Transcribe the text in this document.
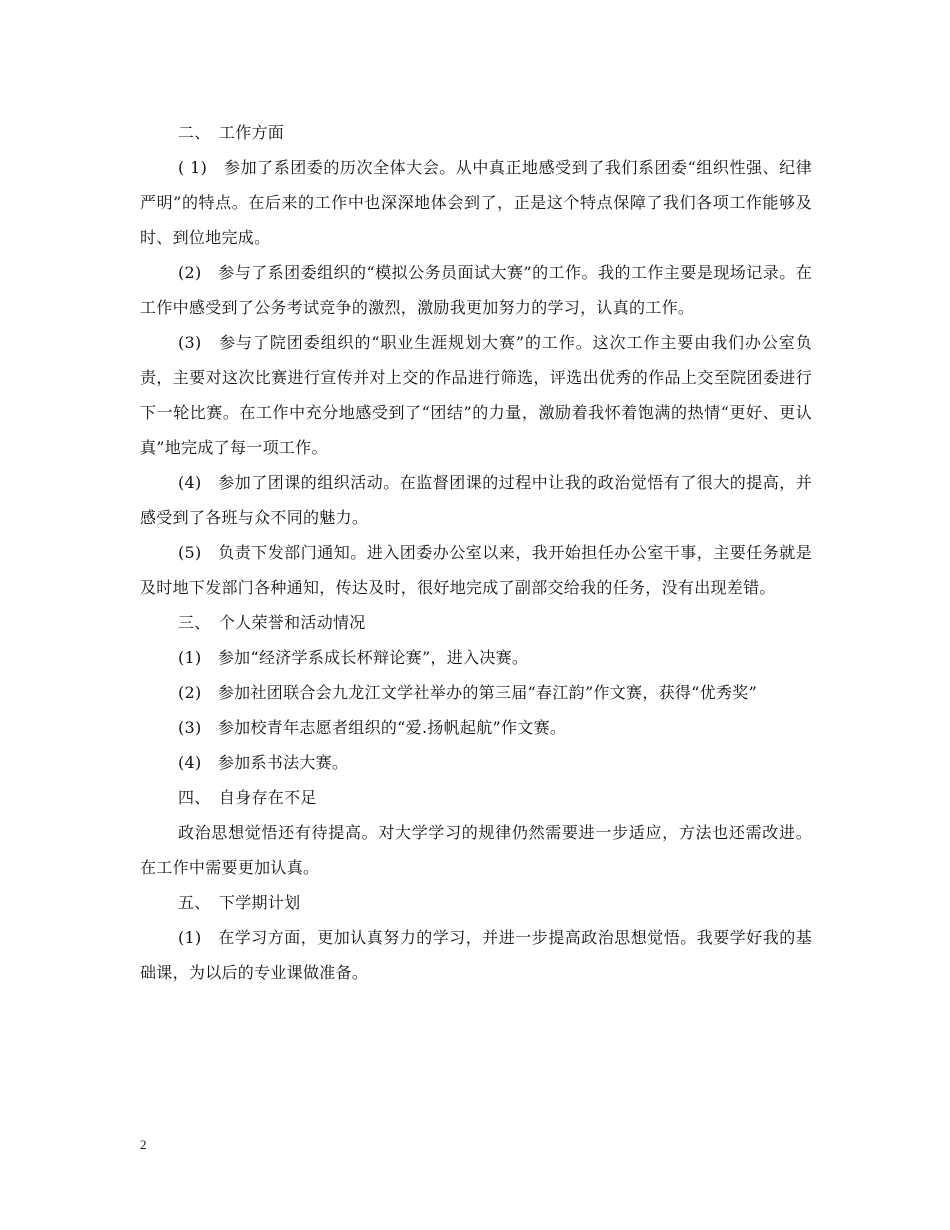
二、　工作方面

( 1)　参加了系团委的历次全体大会。从中真正地感受到了我们系团委“组织性强、纪律严明”的特点。在后来的工作中也深深地体会到了，正是这个特点保障了我们各项工作能够及时、到位地完成。

(2)　参与了系团委组织的“模拟公务员面试大赛”的工作。我的工作主要是现场记录。在工作中感受到了公务考试竞争的激烈，激励我更加努力的学习，认真的工作。

(3)　参与了院团委组织的“职业生涯规划大赛”的工作。这次工作主要由我们办公室负责，主要对这次比赛进行宣传并对上交的作品进行筛选，评选出优秀的作品上交至院团委进行下一轮比赛。在工作中充分地感受到了“团结”的力量，激励着我怀着饱满的热情“更好、更认真”地完成了每一项工作。

(4)　参加了团课的组织活动。在监督团课的过程中让我的政治觉悟有了很大的提高，并感受到了各班与众不同的魅力。

(5)　负责下发部门通知。进入团委办公室以来，我开始担任办公室干事，主要任务就是及时地下发部门各种通知，传达及时，很好地完成了副部交给我的任务，没有出现差错。

三、　个人荣誉和活动情况

(1)　参加“经济学系成长杯辩论赛”，进入决赛。

(2)　参加社团联合会九龙江文学社举办的第三届“春江韵”作文赛，获得“优秀奖”

(3)　参加校青年志愿者组织的“爱.扬帆起航”作文赛。

(4)　参加系书法大赛。

四、　自身存在不足

政治思想觉悟还有待提高。对大学学习的规律仍然需要进一步适应，方法也还需改进。在工作中需要更加认真。

五、　下学期计划

(1)　在学习方面，更加认真努力的学习，并进一步提高政治思想觉悟。我要学好我的基础课，为以后的专业课做准备。

2
